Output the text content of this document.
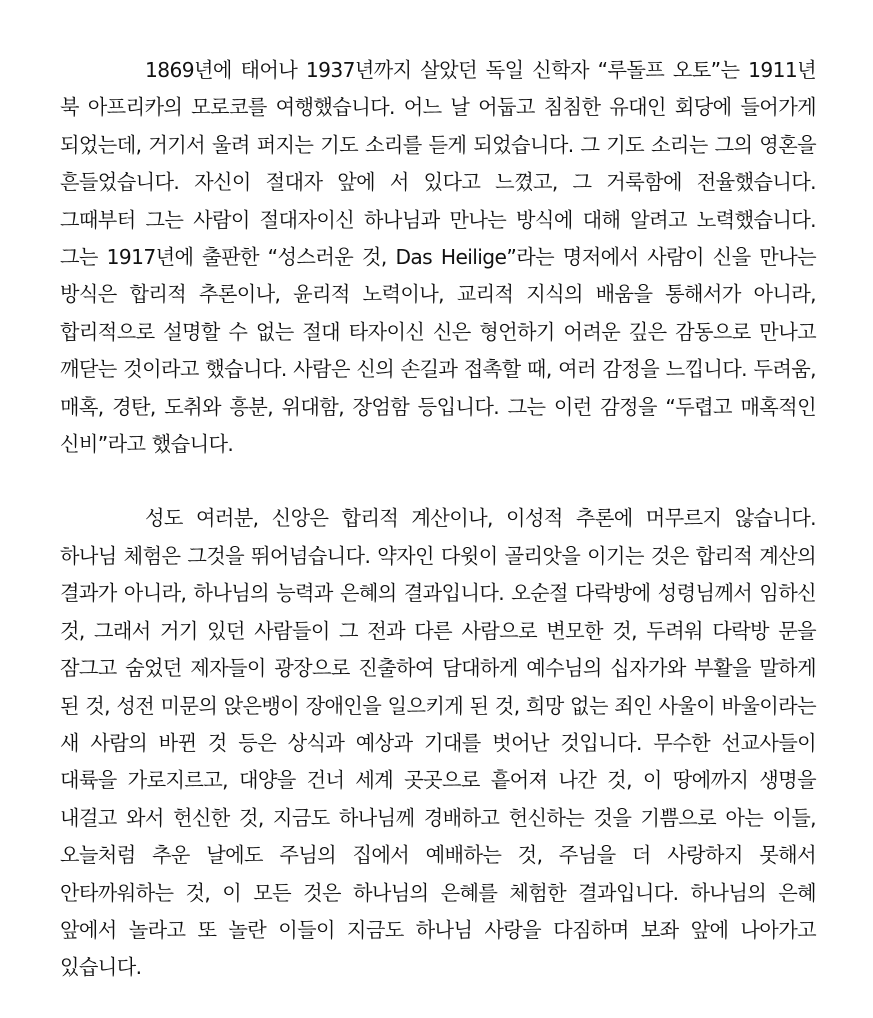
1869년에 태어나 1937년까지 살았던 독일 신학자 “루돌프 오토”는 1911년 북 아프리카의 모로코를 여행했습니다. 어느 날 어둡고 침침한 유대인 회당에 들어가게 되었는데, 거기서 울려 퍼지는 기도 소리를 듣게 되었습니다. 그 기도 소리는 그의 영혼을 흔들었습니다. 자신이 절대자 앞에 서 있다고 느꼈고, 그 거룩함에 전율했습니다. 그때부터 그는 사람이 절대자이신 하나님과 만나는 방식에 대해 알려고 노력했습니다. 그는 1917년에 출판한 “성스러운 것, Das Heilige”라는 명저에서 사람이 신을 만나는 방식은 합리적 추론이나, 윤리적 노력이나, 교리적 지식의 배움을 통해서가 아니라, 합리적으로 설명할 수 없는 절대 타자이신 신은 형언하기 어려운 깊은 감동으로 만나고 깨닫는 것이라고 했습니다. 사람은 신의 손길과 접촉할 때, 여러 감정을 느낍니다. 두려움, 매혹, 경탄, 도취와 흥분, 위대함, 장엄함 등입니다. 그는 이런 감정을 “두렵고 매혹적인 신비”라고 했습니다.

성도 여러분, 신앙은 합리적 계산이나, 이성적 추론에 머무르지 않습니다. 하나님 체험은 그것을 뛰어넘습니다. 약자인 다윗이 골리앗을 이기는 것은 합리적 계산의 결과가 아니라, 하나님의 능력과 은혜의 결과입니다. 오순절 다락방에 성령님께서 임하신 것, 그래서 거기 있던 사람들이 그 전과 다른 사람으로 변모한 것, 두려워 다락방 문을 잠그고 숨었던 제자들이 광장으로 진출하여 담대하게 예수님의 십자가와 부활을 말하게 된 것, 성전 미문의 앉은뱅이 장애인을 일으키게 된 것, 희망 없는 죄인 사울이 바울이라는 새 사람의 바뀐 것 등은 상식과 예상과 기대를 벗어난 것입니다. 무수한 선교사들이 대륙을 가로지르고, 대양을 건너 세계 곳곳으로 흩어져 나간 것, 이 땅에까지 생명을 내걸고 와서 헌신한 것, 지금도 하나님께 경배하고 헌신하는 것을 기쁨으로 아는 이들, 오늘처럼 추운 날에도 주님의 집에서 예배하는 것, 주님을 더 사랑하지 못해서 안타까워하는 것, 이 모든 것은 하나님의 은혜를 체험한 결과입니다. 하나님의 은혜 앞에서 놀라고 또 놀란 이들이 지금도 하나님 사랑을 다짐하며 보좌 앞에 나아가고 있습니다.
